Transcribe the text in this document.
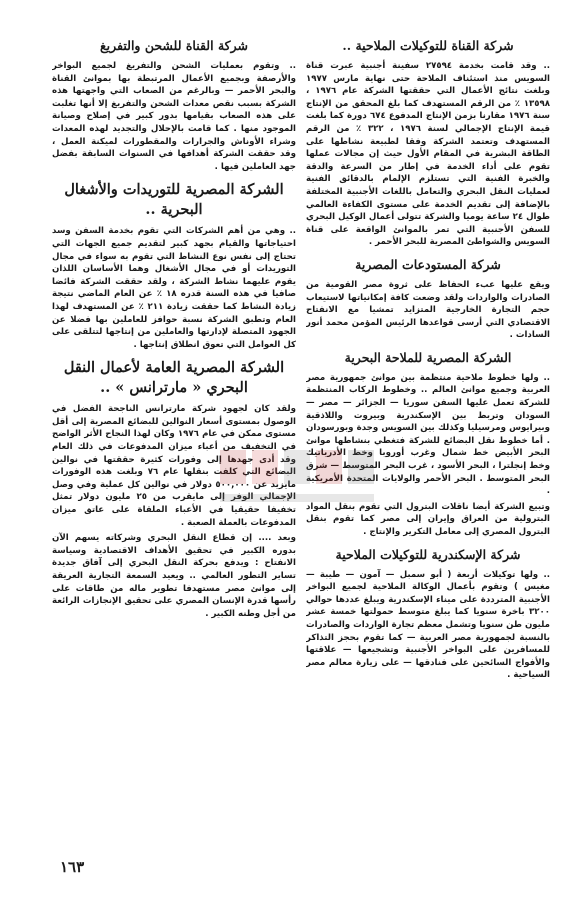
شركة القناة للتوكيلات الملاحية ..

.. وقد قامت بخدمة ٢٧٥٩٤ سفينة أجنبية عبرت قناة السويس منذ استئناف الملاحة حتى نهاية مارس ١٩٧٧ وبلغت نتائج الأعمال التي حققتها الشركة عام ١٩٧٦ ، ١٣٥٩٨ ٪ من الرقم المستهدف كما بلغ المحقق من الإنتاج سنة ١٩٧٦ مقارنا بزمن الإنتاج المدفوع ٦٧٤ دورة كما بلغت قيمة الإنتاج الإجمالي لسنة ١٩٧٦ ، ٣٢٢ ٪ من الرقم المستهدف وتعتمد الشركة وفقا لطبيعة نشاطها على الطاقة البشرية في المقام الأول حيث إن مجالات عملها تقوم على أداء الخدمة في إطار من السرعة والدقة والخبرة الفنية التي تستلزم الإلمام بالدقائق الفنية لعمليات النقل البحري والتعامل باللغات الأجنبية المختلفة بالإضافة إلى تقديم الخدمة على مستوى الكفاءة العالمي طوال ٢٤ ساعة يوميا والشركة تتولى أعمال الوكيل البحري للسفن الأجنبية التي تمر بالموانئ الواقعة على قناة السويس والشواطئ المصرية للبحر الأحمر .

شركة المستودعات المصرية

ويقع عليها عبء الحفاظ على ثروة مصر القومية من الصادرات والواردات ولقد وضعت كافة إمكانياتها لاستيعاب حجم التجارة الخارجية المتزايد تمشيا مع الانفتاح الاقتصادي التي أرسى قواعدها الرئيس المؤمن محمد أنور السادات .

الشركة المصرية للملاحة البحرية

.. ولها خطوط ملاحية منتظمة بين موانئ جمهورية مصر العربية وجميع موانئ العالم .. وخطوط الركاب المنتظمة للشركة تعمل عليها السفن سوريا — الجزائر — مصر — السودان وتربط بين الإسكندرية وبيروت واللاذقية وبيرايوس ومرسيليا وكذلك بين السويس وجدة وبورسودان . أما خطوط نقل البضائع للشركة فتغطي بنشاطها موانئ البحر الأبيض خط شمال وغرب أوروبا وخط الأدرياتيك وخط إنجلترا ، البحر الأسود ، غرب البحر المتوسط — شرق البحر المتوسط . البحر الأحمر والولايات المتحدة الأمريكية .

وتبيع الشركة أيضا ناقلات البترول التي تقوم بنقل المواد البترولية من العراق وإيران إلى مصر كما تقوم بنقل البترول المصري إلى معامل التكرير والإنتاج .

شركة الإسكندرية للتوكيلات الملاحية

.. ولها توكيلات أربعة ( أبو سمبل — آمون — طيبة — مغيس ) وتقوم بأعمال الوكالة الملاحية لجميع البواخر الأجنبية المترددة على ميناء الإسكندرية ويبلغ عددها حوالي ٣٢٠٠ باخرة سنويا كما يبلغ متوسط حمولتها خمسة عشر مليون طن سنويا وتشمل معظم تجارة الواردات والصادرات بالنسبة لجمهورية مصر العربية — كما تقوم بحجز التذاكر للمسافرين على البواخر الأجنبية وتشجيعها — علاقتها والأفواج السائحين على فنادقها — على زيارة معالم مصر السياحية .

شركة القناة للشحن والتفريغ

.. وتقوم بعمليات الشحن والتفريغ لجميع البواخر والأرصفة وبجميع الأعمال المرتبطة بها بموانئ القناة والبحر الأحمر — وبالرغم من الصعاب التي واجهتها هذه الشركة بسبب نقص معدات الشحن والتفريغ إلا أنها تغلبت على هذه الصعاب بقيامها بدور كبير في إصلاح وصيانة الموجود منها . كما قامت بالإحلال والتجديد لهذه المعدات وشراء الأوناش والجرارات والمقطورات لميكنة العمل ، وقد حققت الشركة أهدافها في السنوات السابقة بفضل جهد العاملين فيها .

الشركة المصرية للتوريدات والأشغال البحرية ..

.. وهي من أهم الشركات التي تقوم بخدمة السفن وسد احتياجاتها والقيام بجهد كبير لتقديم جميع الجهات التي تحتاج إلى نفس نوع النشاط التي تقوم به سواء في مجال التوريدات أو في مجال الأشغال وهما الأساسان اللذان يقوم عليهما نشاط الشركة ، ولقد حققت الشركة فائضا صافيا في هذه السنة قدره ١٨ ٪ عن العام الماضي نتيجة زيادة النشاط كما حققت زيادة ٢١١ ٪ عن المستهدف لهذا العام وتطبق الشركة نسبة حوافز للعاملين بها فضلا عن الجهود المتصلة لإدارتها والعاملين من إنتاجها لتتلقى على كل العوامل التي تعوق انطلاق إنتاجها .

الشركة المصرية العامة لأعمال النقل البحري « مارترانس » ..

ولقد كان لجهود شركة مارترانس الناجحة الفضل في الوصول بمستوى أسعار النوالين للبضائع المصرية إلى أقل مستوى ممكن في عام ١٩٧٦ وكان لهذا النجاح الأثر الواضح في التخفيف من أعباء ميزان المدفوعات في ذلك العام وقد أدى جهدها إلى وفورات كثيرة حققتها في نوالين البضائع التي كلفت بنقلها عام ٧٦ وبلغت هذه الوفورات مايزيد عن ٥٠٠,٠٠٠ دولار في نوالين كل عملية وفي وصل الإجمالي الوفر إلى مايقرب من ٢٥ مليون دولار تمثل تخفيفا حقيقيا في الأعباء الملقاة على عاتق ميزان المدفوعات بالعملة الصعبة .

وبعد .... إن قطاع النقل البحري وشركاته يسهم الآن بدوره الكبير في تحقيق الأهداف الاقتصادية وسياسة الانفتاح : ويدفع بحركة النقل البحري إلى آفاق جديدة تساير التطور العالمي .. ويعيد السمعة التجارية العريقة إلى موانئ مصر مستهدفا تطوير ماله من طاقات على رأسها قدرة الإنسان المصري على تحقيق الإنجازات الرائعة من أجل وطنه الكبير .

١٦٣
